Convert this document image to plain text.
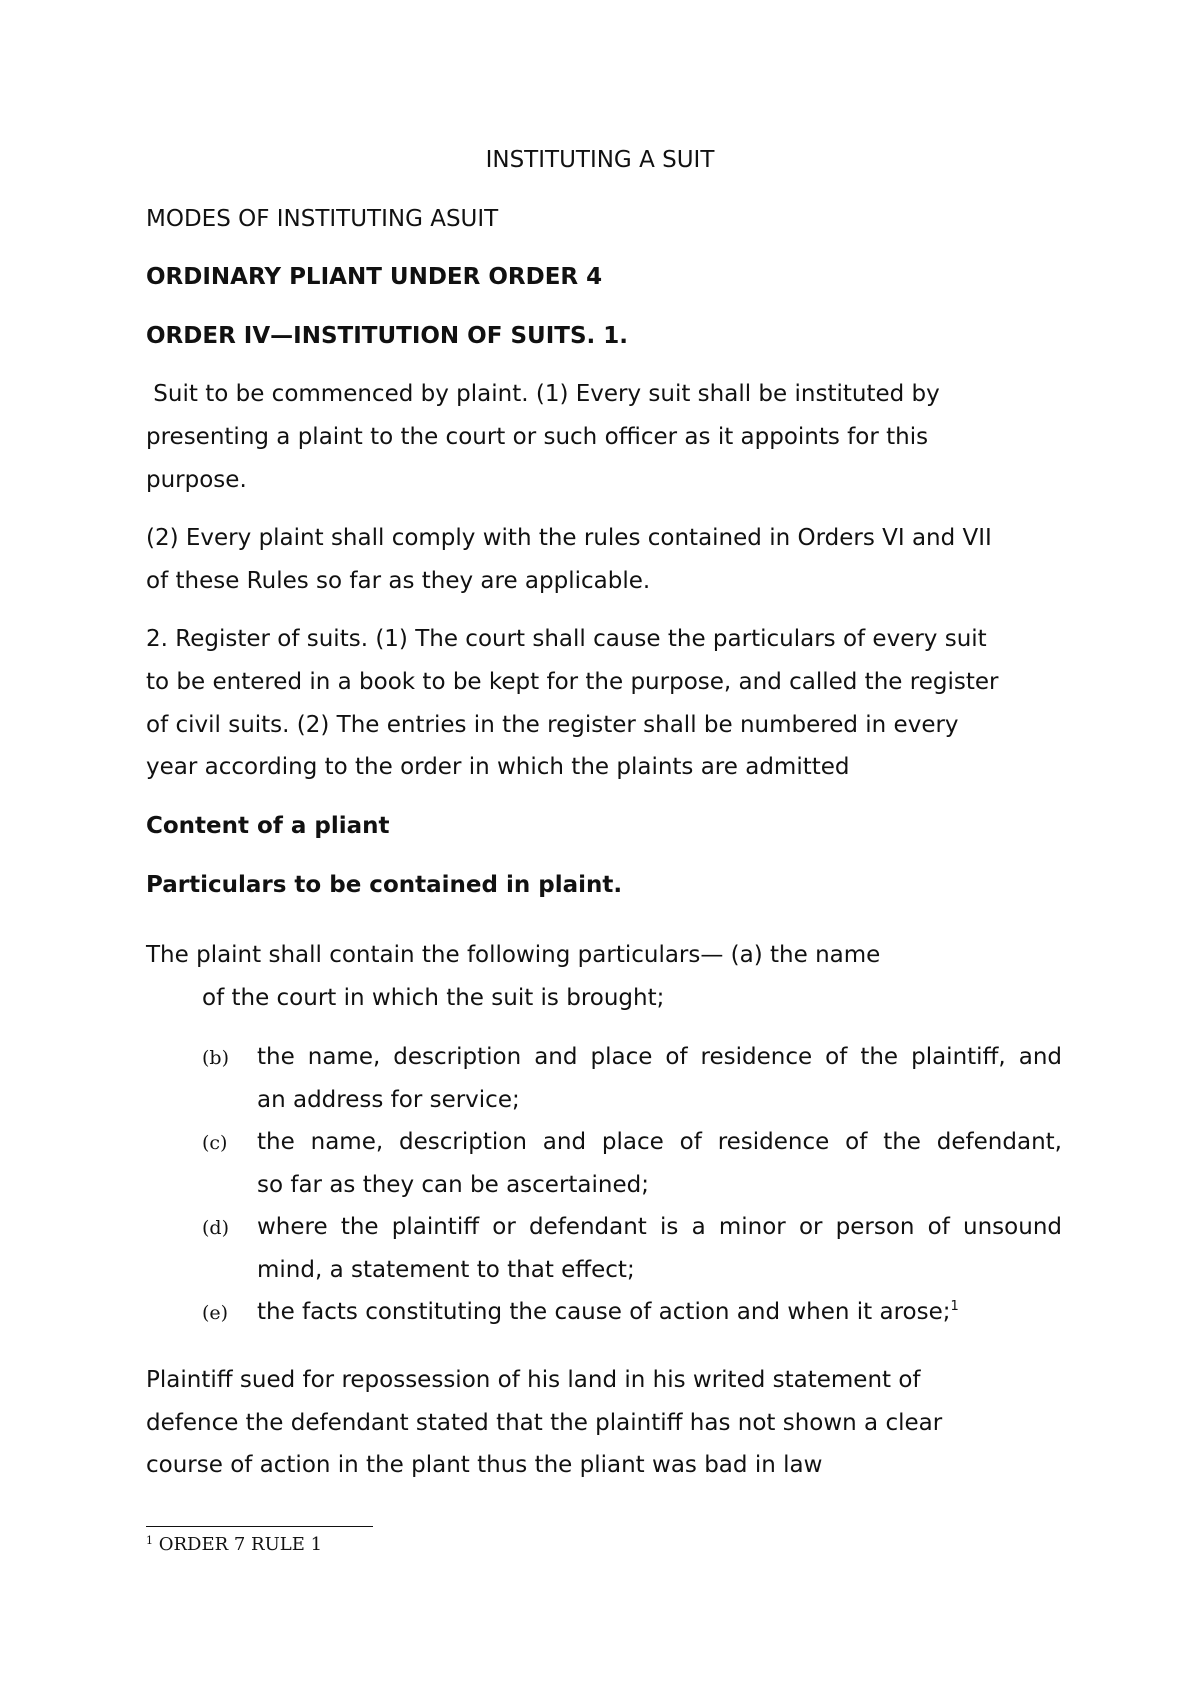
INSTITUTING A SUIT

MODES OF INSTITUTING ASUIT

ORDINARY PLIANT UNDER ORDER 4

ORDER IV—INSTITUTION OF SUITS. 1.

Suit to be commenced by plaint. (1) Every suit shall be instituted by

presenting a plaint to the court or such officer as it appoints for this

purpose.

(2) Every plaint shall comply with the rules contained in Orders VI and VII

of these Rules so far as they are applicable.

2. Register of suits. (1) The court shall cause the particulars of every suit

to be entered in a book to be kept for the purpose, and called the register

of civil suits. (2) The entries in the register shall be numbered in every

year according to the order in which the plaints are admitted

Content of a pliant

Particulars to be contained in plaint.

The plaint shall contain the following particulars— (a) the name

of the court in which the suit is brought;

(b) the name, description and place of residence of the plaintiff, and
an address for service;
(c) the name, description and place of residence of the defendant,
so far as they can be ascertained;
(d) where the plaintiff or defendant is a minor or person of unsound
mind, a statement to that effect;
(e) the facts constituting the cause of action and when it arose;$^1$

Plaintiff sued for repossession of his land in his writed statement of

defence the defendant stated that the plaintiff has not shown a clear

course of action in the plant thus the pliant was bad in law

$^1$ ORDER 7 RULE 1
